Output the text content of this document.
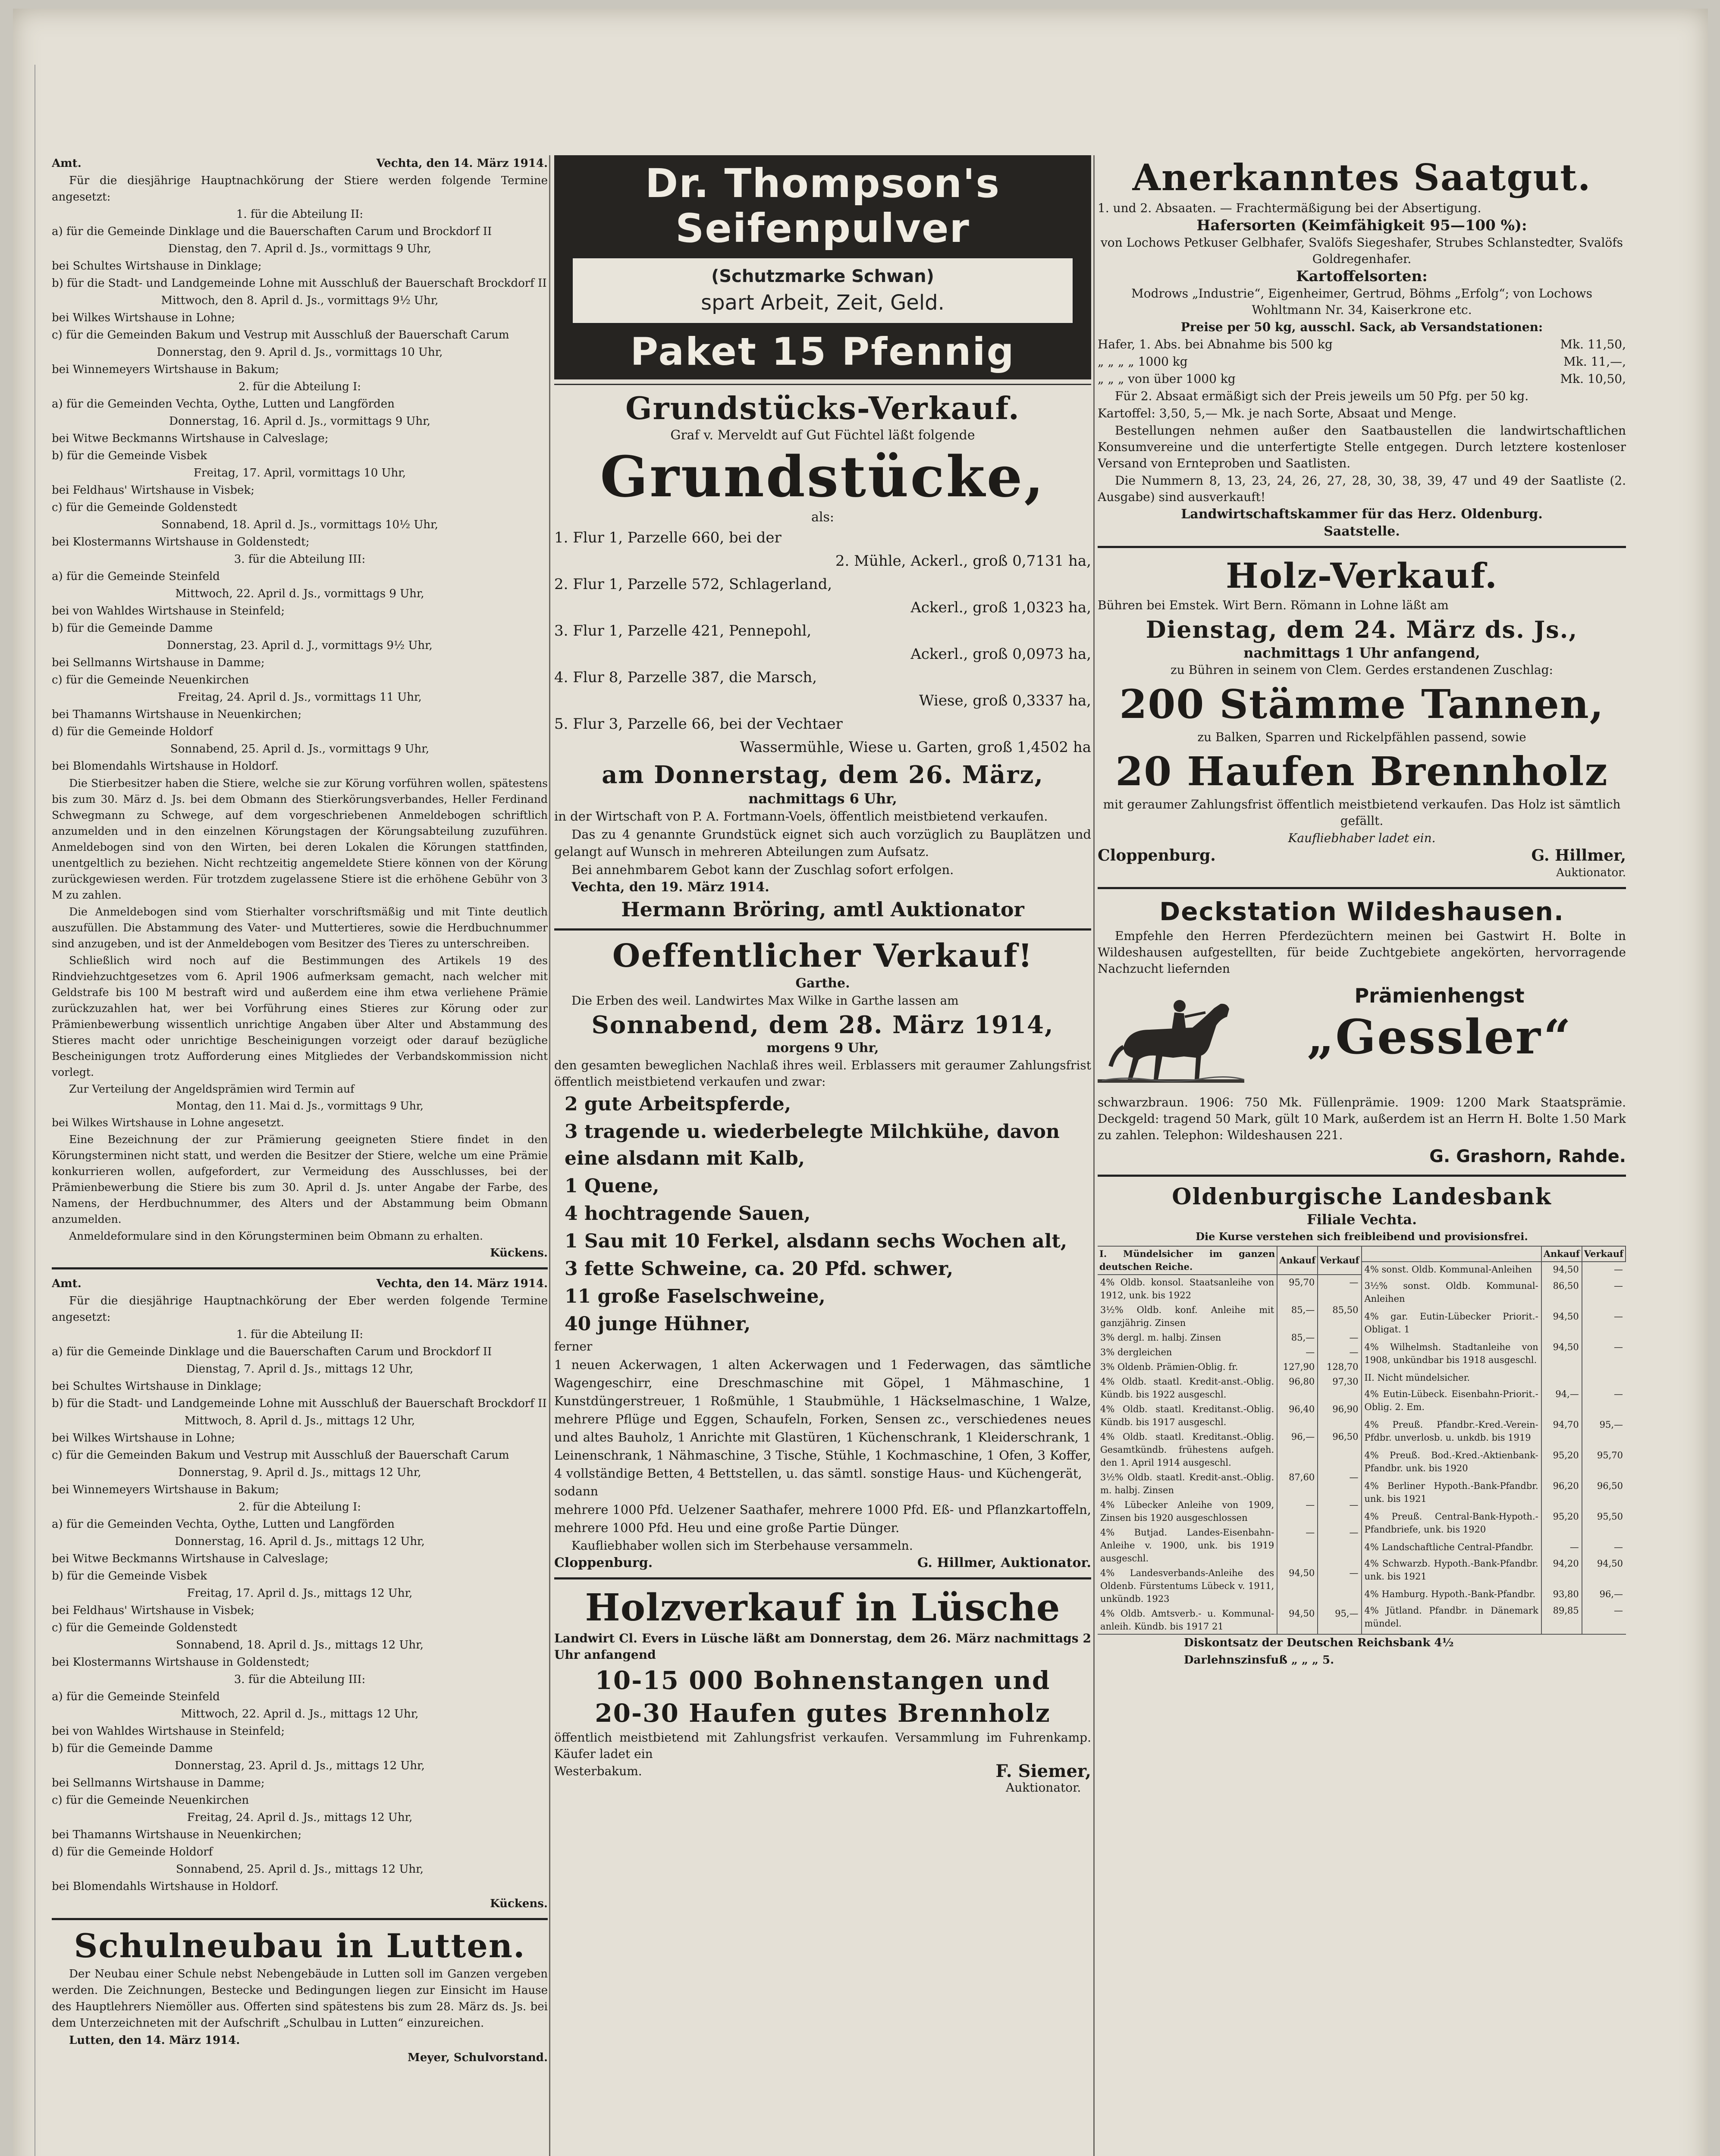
Amt.	Vechta, den 14. März 1914.
Für die diesjährige Hauptnachkörung der Stiere werden folgende Termine angesetzt:
1. für die Abteilung II:
a) für die Gemeinde Dinklage und die Bauerschaften Carum und Brockdorf II
Dienstag, den 7. April d. Js., vormittags 9 Uhr,
bei Schultes Wirtshause in Dinklage;
b) für die Stadt- und Landgemeinde Lohne mit Ausschluß der Bauerschaft Brockdorf II
Mittwoch, den 8. April d. Js., vormittags 9½ Uhr,
bei Wilkes Wirtshause in Lohne;
c) für die Gemeinden Bakum und Vestrup mit Ausschluß der Bauerschaft Carum
Donnerstag, den 9. April d. Js., vormittags 10 Uhr,
bei Winnemeyers Wirtshause in Bakum;
2. für die Abteilung I:
a) für die Gemeinden Vechta, Oythe, Lutten und Langförden
Donnerstag, 16. April d. Js., vormittags 9 Uhr,
bei Witwe Beckmanns Wirtshause in Calveslage;
b) für die Gemeinde Visbek
Freitag, 17. April, vormittags 10 Uhr,
bei Feldhaus' Wirtshause in Visbek;
c) für die Gemeinde Goldenstedt
Sonnabend, 18. April d. Js., vormittags 10½ Uhr,
bei Klostermanns Wirtshause in Goldenstedt;
3. für die Abteilung III:
a) für die Gemeinde Steinfeld
Mittwoch, 22. April d. Js., vormittags 9 Uhr,
bei von Wahldes Wirtshause in Steinfeld;
b) für die Gemeinde Damme
Donnerstag, 23. April d. J., vormittags 9½ Uhr,
bei Sellmanns Wirtshause in Damme;
c) für die Gemeinde Neuenkirchen
Freitag, 24. April d. Js., vormittags 11 Uhr,
bei Thamanns Wirtshause in Neuenkirchen;
d) für die Gemeinde Holdorf
Sonnabend, 25. April d. Js., vormittags 9 Uhr,
bei Blomendahls Wirtshause in Holdorf.
Die Stierbesitzer haben die Stiere, welche sie zur Körung vorführen wollen, spätestens bis zum 30. März d. Js. bei dem Obmann des Stierkörungsverbandes, Heller Ferdinand Schwegmann zu Schwege, auf dem vorgeschriebenen Anmeldebogen schriftlich anzumelden und in den einzelnen Körungstagen der Körungsabteilung zuzuführen. Anmeldebogen sind von den Wirten, bei deren Lokalen die Körungen stattfinden, unentgeltlich zu beziehen. Nicht rechtzeitig angemeldete Stiere können von der Körung zurückgewiesen werden. Für trotzdem zugelassene Stiere ist die erhöhene Gebühr von 3 M zu zahlen.
Die Anmeldebogen sind vom Stierhalter vorschriftsmäßig und mit Tinte deutlich auszufüllen. Die Abstammung des Vater- und Muttertieres, sowie die Herdbuchnummer sind anzugeben, und ist der Anmeldebogen vom Besitzer des Tieres zu unterschreiben.
Schließlich wird noch auf die Bestimmungen des Artikels 19 des Rindviehzuchtgesetzes vom 6. April 1906 aufmerksam gemacht, nach welcher mit Geldstrafe bis 100 M bestraft wird und außerdem eine ihm etwa verliehene Prämie zurückzuzahlen hat, wer bei Vorführung eines Stieres zur Körung oder zur Prämienbewerbung wissentlich unrichtige Angaben über Alter und Abstammung des Stieres macht oder unrichtige Bescheinigungen vorzeigt oder darauf bezügliche Bescheinigungen trotz Aufforderung eines Mitgliedes der Verbandskommission nicht vorlegt.
Zur Verteilung der Angeldsprämien wird Termin auf
Montag, den 11. Mai d. Js., vormittags 9 Uhr,
bei Wilkes Wirtshause in Lohne angesetzt.
Eine Bezeichnung der zur Prämierung geeigneten Stiere findet in den Körungsterminen nicht statt, und werden die Besitzer der Stiere, welche um eine Prämie konkurrieren wollen, aufgefordert, zur Vermeidung des Ausschlusses, bei der Prämienbewerbung die Stiere bis zum 30. April d. Js. unter Angabe der Farbe, des Namens, der Herdbuchnummer, des Alters und der Abstammung beim Obmann anzumelden.
Anmeldeformulare sind in den Körungsterminen beim Obmann zu erhalten.
Kückens.
Amt.	Vechta, den 14. März 1914.
Für die diesjährige Hauptnachkörung der Eber werden folgende Termine angesetzt:
1. für die Abteilung II:
a) für die Gemeinde Dinklage und die Bauerschaften Carum und Brockdorf II
Dienstag, 7. April d. Js., mittags 12 Uhr,
bei Schultes Wirtshause in Dinklage;
b) für die Stadt- und Landgemeinde Lohne mit Ausschluß der Bauerschaft Brockdorf II
Mittwoch, 8. April d. Js., mittags 12 Uhr,
bei Wilkes Wirtshause in Lohne;
c) für die Gemeinden Bakum und Vestrup mit Ausschluß der Bauerschaft Carum
Donnerstag, 9. April d. Js., mittags 12 Uhr,
bei Winnemeyers Wirtshause in Bakum;
2. für die Abteilung I:
a) für die Gemeinden Vechta, Oythe, Lutten und Langförden
Donnerstag, 16. April d. Js., mittags 12 Uhr,
bei Witwe Beckmanns Wirtshause in Calveslage;
b) für die Gemeinde Visbek
Freitag, 17. April d. Js., mittags 12 Uhr,
bei Feldhaus' Wirtshause in Visbek;
c) für die Gemeinde Goldenstedt
Sonnabend, 18. April d. Js., mittags 12 Uhr,
bei Klostermanns Wirtshause in Goldenstedt;
3. für die Abteilung III:
a) für die Gemeinde Steinfeld
Mittwoch, 22. April d. Js., mittags 12 Uhr,
bei von Wahldes Wirtshause in Steinfeld;
b) für die Gemeinde Damme
Donnerstag, 23. April d. Js., mittags 12 Uhr,
bei Sellmanns Wirtshause in Damme;
c) für die Gemeinde Neuenkirchen
Freitag, 24. April d. Js., mittags 12 Uhr,
bei Thamanns Wirtshause in Neuenkirchen;
d) für die Gemeinde Holdorf
Sonnabend, 25. April d. Js., mittags 12 Uhr,
bei Blomendahls Wirtshause in Holdorf.
Kückens.
Schulneubau in Lutten.
Der Neubau einer Schule nebst Nebengebäude in Lutten soll im Ganzen vergeben werden. Die Zeichnungen, Bestecke und Bedingungen liegen zur Einsicht im Hause des Hauptlehrers Niemöller aus. Offerten sind spätestens bis zum 28. März ds. Js. bei dem Unterzeichneten mit der Aufschrift „Schulbau in Lutten“ einzureichen.
Lutten, den 14. März 1914.
Meyer, Schulvorstand.
Dr. Thompson's
Seifenpulver
(Schutzmarke Schwan)
spart Arbeit, Zeit, Geld.
Paket 15 Pfennig
Grundstücks-Verkauf.
Graf v. Merveldt auf Gut Füchtel läßt folgende
Grundstücke,
als:
1. Flur 1, Parzelle 660, bei der
2. Mühle, Ackerl., groß 0,7131 ha,
2. Flur 1, Parzelle 572, Schlagerland,
Ackerl., groß 1,0323 ha,
3. Flur 1, Parzelle 421, Pennepohl,
Ackerl., groß 0,0973 ha,
4. Flur 8, Parzelle 387, die Marsch,
Wiese, groß 0,3337 ha,
5. Flur 3, Parzelle 66, bei der Vechtaer
Wassermühle, Wiese u. Garten, groß 1,4502 ha
am Donnerstag, dem 26. März,
nachmittags 6 Uhr,
in der Wirtschaft von P. A. Fortmann-Voels, öffentlich meistbietend verkaufen.
Das zu 4 genannte Grundstück eignet sich auch vorzüglich zu Bauplätzen und gelangt auf Wunsch in mehreren Abteilungen zum Aufsatz.
Bei annehmbarem Gebot kann der Zuschlag sofort erfolgen.
Vechta, den 19. März 1914.
Hermann Bröring, amtl Auktionator
Oeffentlicher Verkauf!
Garthe.
Die Erben des weil. Landwirtes Max Wilke in Garthe lassen am
Sonnabend, dem 28. März 1914,
morgens 9 Uhr,
den gesamten beweglichen Nachlaß ihres weil. Erblassers mit geraumer Zahlungsfrist öffentlich meistbietend verkaufen und zwar:
2 gute Arbeitspferde,
3 tragende u. wiederbelegte Milchkühe, davon eine alsdann mit Kalb,
1 Quene,
4 hochtragende Sauen,
1 Sau mit 10 Ferkel, alsdann sechs Wochen alt,
3 fette Schweine, ca. 20 Pfd. schwer,
11 große Faselschweine,
40 junge Hühner,
ferner
1 neuen Ackerwagen, 1 alten Ackerwagen und 1 Federwagen, das sämtliche Wagengeschirr, eine Dreschmaschine mit Göpel, 1 Mähmaschine, 1 Kunstdüngerstreuer, 1 Roßmühle, 1 Staubmühle, 1 Häckselmaschine, 1 Walze, mehrere Pflüge und Eggen, Schaufeln, Forken, Sensen zc., verschiedenes neues und altes Bauholz, 1 Anrichte mit Glastüren, 1 Küchenschrank, 1 Kleiderschrank, 1 Leinenschrank, 1 Nähmaschine, 3 Tische, Stühle, 1 Kochmaschine, 1 Ofen, 3 Koffer, 4 vollständige Betten, 4 Bettstellen, u. das sämtl. sonstige Haus- und Küchengerät,
sodann
mehrere 1000 Pfd. Uelzener Saathafer, mehrere 1000 Pfd. Eß- und Pflanzkartoffeln, mehrere 1000 Pfd. Heu und eine große Partie Dünger.
Kaufliebhaber wollen sich im Sterbehause versammeln.
Cloppenburg.	G. Hillmer, Auktionator.
Holzverkauf in Lüsche
Landwirt Cl. Evers in Lüsche läßt am Donnerstag, dem 26. März nachmittags 2 Uhr anfangend
10-15 000 Bohnenstangen und
20-30 Haufen gutes Brennholz
öffentlich meistbietend mit Zahlungsfrist verkaufen. Versammlung im Fuhrenkamp. Käufer ladet ein
Westerbakum.	F. Siemer,
Auktionator.
Anerkanntes Saatgut.
1. und 2. Absaaten. — Frachtermäßigung bei der Absertigung.
Hafersorten (Keimfähigkeit 95—100 %):
von Lochows Petkuser Gelbhafer, Svalöfs Siegeshafer, Strubes Schlanstedter, Svalöfs Goldregenhafer.
Kartoffelsorten:
Modrows „Industrie“, Eigenheimer, Gertrud, Böhms „Erfolg“; von Lochows Wohltmann Nr. 34, Kaiserkrone etc.
Preise per 50 kg, ausschl. Sack, ab Versandstationen:
Hafer, 1. Abs. bei Abnahme bis 500 kg	Mk. 11,50,
„ „ „ „ 1000 kg	Mk. 11,—,
„ „ „ von über 1000 kg	Mk. 10,50,
Für 2. Absaat ermäßigt sich der Preis jeweils um 50 Pfg. per 50 kg.
Kartoffel: 3,50, 5,— Mk. je nach Sorte, Absaat und Menge.
Bestellungen nehmen außer den Saatbaustellen die landwirtschaftlichen Konsumvereine und die unterfertigte Stelle entgegen. Durch letztere kostenloser Versand von Ernteproben und Saatlisten.
Die Nummern 8, 13, 23, 24, 26, 27, 28, 30, 38, 39, 47 und 49 der Saatliste (2. Ausgabe) sind ausverkauft!
Landwirtschaftskammer für das Herz. Oldenburg.
Saatstelle.
Holz-Verkauf.
Bühren bei Emstek. Wirt Bern. Römann in Lohne läßt am
Dienstag, dem 24. März ds. Js.,
nachmittags 1 Uhr anfangend,
zu Bühren in seinem von Clem. Gerdes erstandenen Zuschlag:
200 Stämme Tannen,
zu Balken, Sparren und Rickelpfählen passend, sowie
20 Haufen Brennholz
mit geraumer Zahlungsfrist öffentlich meistbietend verkaufen. Das Holz ist sämtlich gefällt.
Kaufliebhaber ladet ein.
Cloppenburg.	G. Hillmer,
Auktionator.
Deckstation Wildeshausen.
Empfehle den Herren Pferdezüchtern meinen bei Gastwirt H. Bolte in Wildeshausen aufgestellten, für beide Zuchtgebiete angekörten, hervorragende Nachzucht liefernden
Prämienhengst
„Gessler“
schwarzbraun. 1906: 750 Mk. Füllenprämie. 1909: 1200 Mark Staatsprämie. Deckgeld: tragend 50 Mark, gült 10 Mark, außerdem ist an Herrn H. Bolte 1.50 Mark zu zahlen. Telephon: Wildeshausen 221.
G. Grashorn, Rahde.
Oldenburgische Landesbank
Filiale Vechta.
Die Kurse verstehen sich freibleibend und provisionsfrei.
I. Mündelsicher im ganzen deutschen Reiche.	Ankauf	Verkauf
4% Oldb. konsol. Staatsanleihe von 1912, unk. bis 1922	95,70	—
3½% Oldb. konf. Anleihe mit ganzjährig. Zinsen	85,—	85,50
3% dergl. m. halbj. Zinsen	85,—	—
3% dergleichen	—	—
3% Oldenb. Prämien-Oblig. fr.	127,90	128,70
4% Oldb. staatl. Kredit-anst.-Oblig. Kündb. bis 1922 ausgeschl.	96,80	97,30
4% Oldb. staatl. Kreditanst.-Oblig. Kündb. bis 1917 ausgeschl.	96,40	96,90
4% Oldb. staatl. Kreditanst.-Oblig. Gesamtkündb. frühestens aufgeh. den 1. April 1914 ausgeschl.	96,—	96,50
3½% Oldb. staatl. Kredit-anst.-Oblig. m. halbj. Zinsen	87,60	—
4% Lübecker Anleihe von 1909, Zinsen bis 1920 ausgeschlossen	—	—
4% Butjad. Landes-Eisenbahn-Anleihe v. 1900, unk. bis 1919 ausgeschl.	—	—
4% Landesverbands-Anleihe des Oldenb. Fürstentums Lübeck v. 1911, unkündb. 1923	94,50	—
4% Oldb. Amtsverb.- u. Kommunal-anleih. Kündb. bis 1917 21	94,50	95,—
	Ankauf	Verkauf
4% sonst. Oldb. Kommunal-Anleihen	94,50	—
3½% sonst. Oldb. Kommunal-Anleihen	86,50	—
4% gar. Eutin-Lübecker Priorit.-Obligat. 1	94,50	—
4% Wilhelmsh. Stadtanleihe von 1908, unkündbar bis 1918 ausgeschl.	94,50	—
II. Nicht mündelsicher.		
4% Eutin-Lübeck. Eisenbahn-Priorit.-Oblig. 2. Em.	94,—	—
4% Preuß. Pfandbr.-Kred.-Verein-Pfdbr. unverlosb. u. unkdb. bis 1919	94,70	95,—
4% Preuß. Bod.-Kred.-Aktienbank-Pfandbr. unk. bis 1920	95,20	95,70
4% Berliner Hypoth.-Bank-Pfandbr. unk. bis 1921	96,20	96,50
4% Preuß. Central-Bank-Hypoth.-Pfandbriefe, unk. bis 1920	95,20	95,50
4% Landschaftliche Central-Pfandbr.	—	—
4% Schwarzb. Hypoth.-Bank-Pfandbr. unk. bis 1921	94,20	94,50
4% Hamburg. Hypoth.-Bank-Pfandbr.	93,80	96,—
4% Jütland. Pfandbr. in Dänemark mündel.	89,85	—
Diskontsatz der Deutschen Reichsbank 4½
Darlehnszinsfuß „ „ „ 5.
